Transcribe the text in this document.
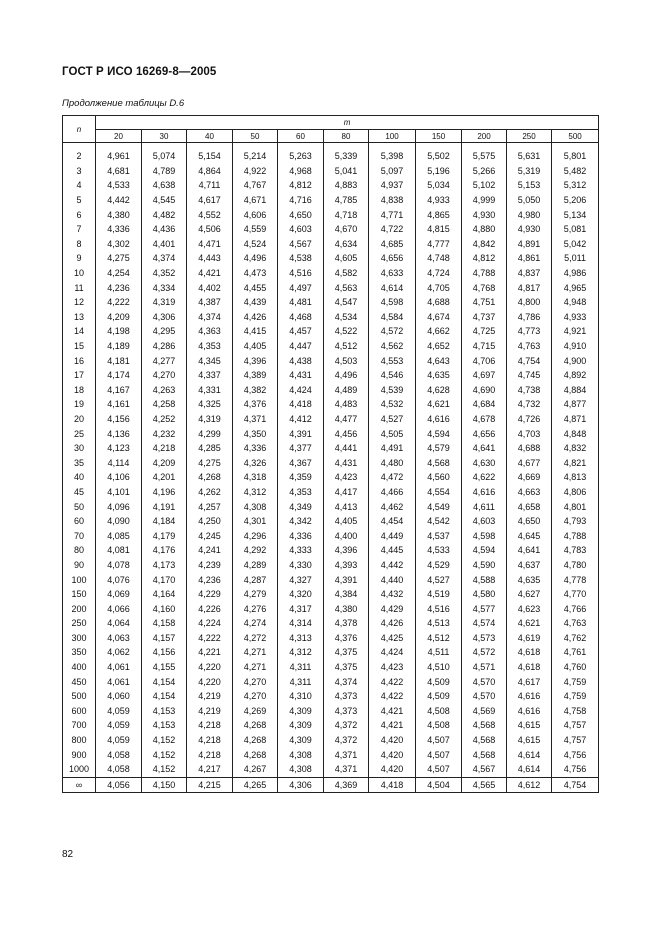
ГОСТ Р ИСО 16269-8—2005
Продолжение таблицы D.6
n	m										
	20	30	40	50	60	80	100	150	200	250	500

2	4,961	5,074	5,154	5,214	5,263	5,339	5,398	5,502	5,575	5,631	5,801
3	4,681	4,789	4,864	4,922	4,968	5,041	5,097	5,196	5,266	5,319	5,482
4	4,533	4,638	4,711	4,767	4,812	4,883	4,937	5,034	5,102	5,153	5,312
5	4,442	4,545	4,617	4,671	4,716	4,785	4,838	4,933	4,999	5,050	5,206
6	4,380	4,482	4,552	4,606	4,650	4,718	4,771	4,865	4,930	4,980	5,134
7	4,336	4,436	4,506	4,559	4,603	4,670	4,722	4,815	4,880	4,930	5,081
8	4,302	4,401	4,471	4,524	4,567	4,634	4,685	4,777	4,842	4,891	5,042
9	4,275	4,374	4,443	4,496	4,538	4,605	4,656	4,748	4,812	4,861	5,011
10	4,254	4,352	4,421	4,473	4,516	4,582	4,633	4,724	4,788	4,837	4,986
11	4,236	4,334	4,402	4,455	4,497	4,563	4,614	4,705	4,768	4,817	4,965
12	4,222	4,319	4,387	4,439	4,481	4,547	4,598	4,688	4,751	4,800	4,948
13	4,209	4,306	4,374	4,426	4,468	4,534	4,584	4,674	4,737	4,786	4,933
14	4,198	4,295	4,363	4,415	4,457	4,522	4,572	4,662	4,725	4,773	4,921
15	4,189	4,286	4,353	4,405	4,447	4,512	4,562	4,652	4,715	4,763	4,910
16	4,181	4,277	4,345	4,396	4,438	4,503	4,553	4,643	4,706	4,754	4,900
17	4,174	4,270	4,337	4,389	4,431	4,496	4,546	4,635	4,697	4,745	4,892
18	4,167	4,263	4,331	4,382	4,424	4,489	4,539	4,628	4,690	4,738	4,884
19	4,161	4,258	4,325	4,376	4,418	4,483	4,532	4,621	4,684	4,732	4,877
20	4,156	4,252	4,319	4,371	4,412	4,477	4,527	4,616	4,678	4,726	4,871
25	4,136	4,232	4,299	4,350	4,391	4,456	4,505	4,594	4,656	4,703	4,848
30	4,123	4,218	4,285	4,336	4,377	4,441	4,491	4,579	4,641	4,688	4,832
35	4,114	4,209	4,275	4,326	4,367	4,431	4,480	4,568	4,630	4,677	4,821
40	4,106	4,201	4,268	4,318	4,359	4,423	4,472	4,560	4,622	4,669	4,813
45	4,101	4,196	4,262	4,312	4,353	4,417	4,466	4,554	4,616	4,663	4,806
50	4,096	4,191	4,257	4,308	4,349	4,413	4,462	4,549	4,611	4,658	4,801
60	4,090	4,184	4,250	4,301	4,342	4,405	4,454	4,542	4,603	4,650	4,793
70	4,085	4,179	4,245	4,296	4,336	4,400	4,449	4,537	4,598	4,645	4,788
80	4,081	4,176	4,241	4,292	4,333	4,396	4,445	4,533	4,594	4,641	4,783
90	4,078	4,173	4,239	4,289	4,330	4,393	4,442	4,529	4,590	4,637	4,780
100	4,076	4,170	4,236	4,287	4,327	4,391	4,440	4,527	4,588	4,635	4,778
150	4,069	4,164	4,229	4,279	4,320	4,384	4,432	4,519	4,580	4,627	4,770
200	4,066	4,160	4,226	4,276	4,317	4,380	4,429	4,516	4,577	4,623	4,766
250	4,064	4,158	4,224	4,274	4,314	4,378	4,426	4,513	4,574	4,621	4,763
300	4,063	4,157	4,222	4,272	4,313	4,376	4,425	4,512	4,573	4,619	4,762
350	4,062	4,156	4,221	4,271	4,312	4,375	4,424	4,511	4,572	4,618	4,761
400	4,061	4,155	4,220	4,271	4,311	4,375	4,423	4,510	4,571	4,618	4,760
450	4,061	4,154	4,220	4,270	4,311	4,374	4,422	4,509	4,570	4,617	4,759
500	4,060	4,154	4,219	4,270	4,310	4,373	4,422	4,509	4,570	4,616	4,759
600	4,059	4,153	4,219	4,269	4,309	4,373	4,421	4,508	4,569	4,616	4,758
700	4,059	4,153	4,218	4,268	4,309	4,372	4,421	4,508	4,568	4,615	4,757
800	4,059	4,152	4,218	4,268	4,309	4,372	4,420	4,507	4,568	4,615	4,757
900	4,058	4,152	4,218	4,268	4,308	4,371	4,420	4,507	4,568	4,614	4,756
1000	4,058	4,152	4,217	4,267	4,308	4,371	4,420	4,507	4,567	4,614	4,756
∞	4,056	4,150	4,215	4,265	4,306	4,369	4,418	4,504	4,565	4,612	4,754
82
